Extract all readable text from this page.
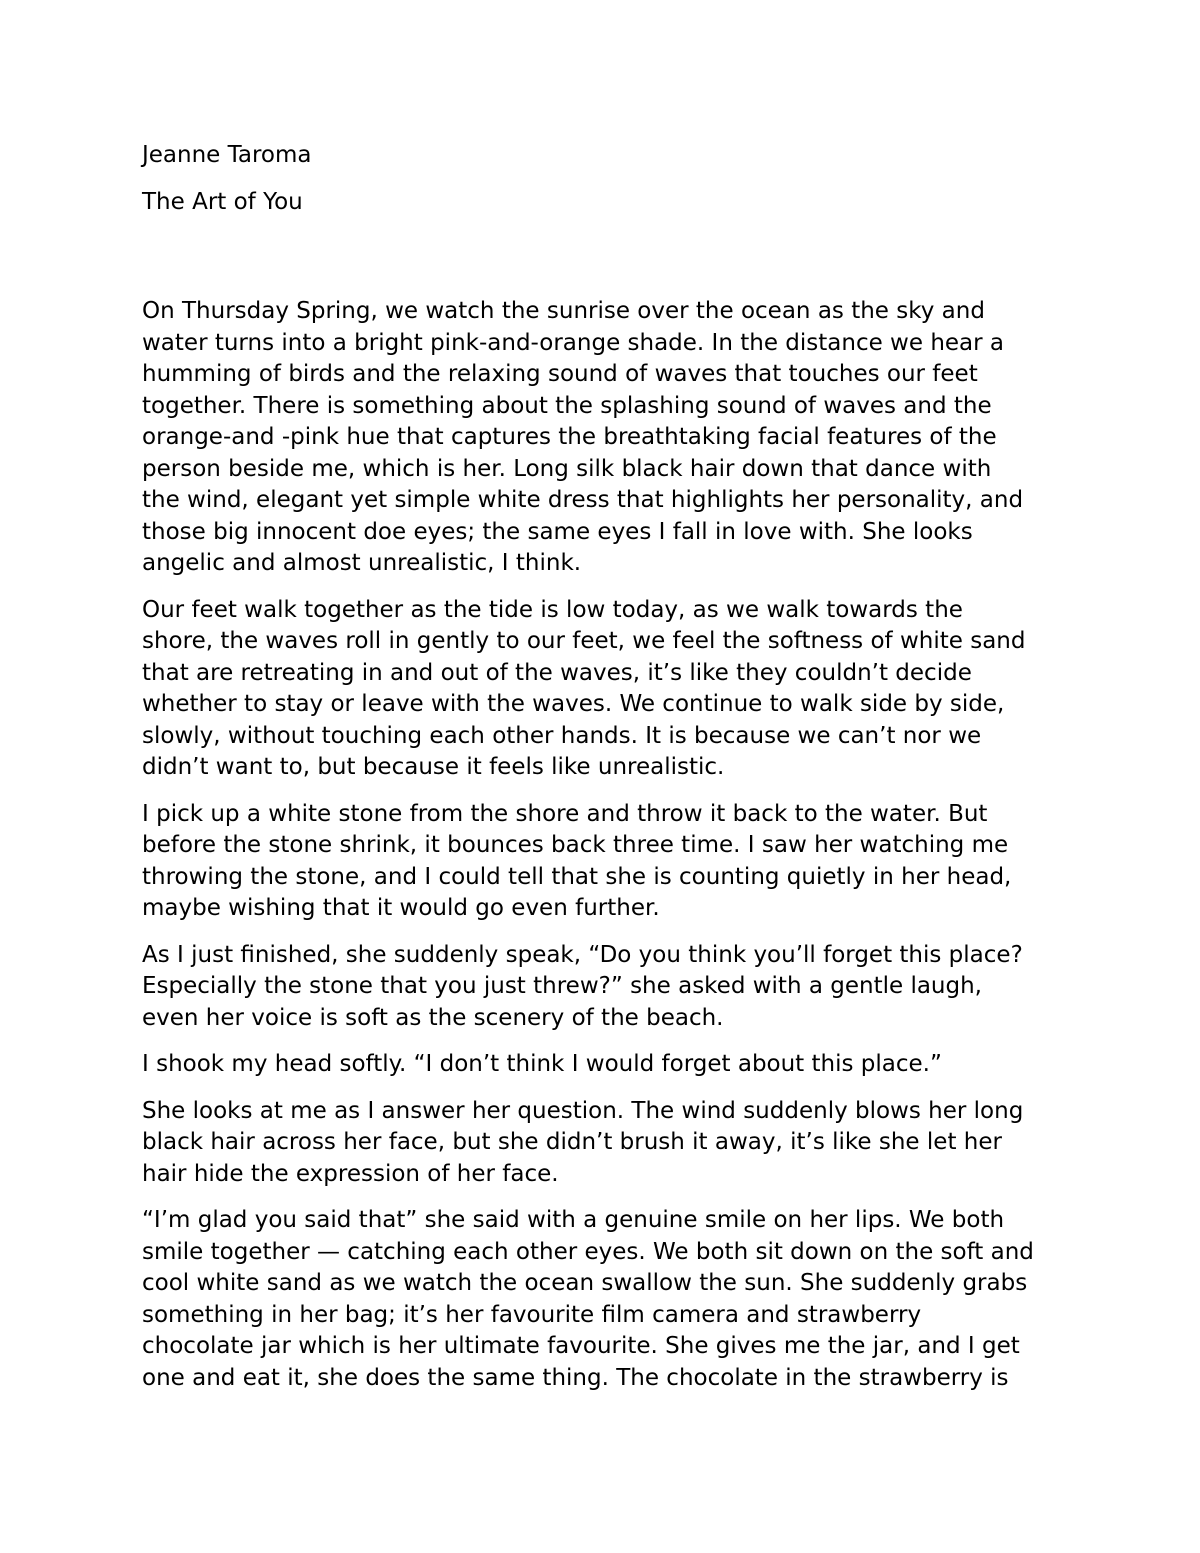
Jeanne Taroma

The Art of You

On Thursday Spring, we watch the sunrise over the ocean as the sky and

water turns into a bright pink-and-orange shade. In the distance we hear a

humming of birds and the relaxing sound of waves that touches our feet

together. There is something about the splashing sound of waves and the

orange-and -pink hue that captures the breathtaking facial features of the

person beside me, which is her. Long silk black hair down that dance with

the wind, elegant yet simple white dress that highlights her personality, and

those big innocent doe eyes; the same eyes I fall in love with. She looks

angelic and almost unrealistic, I think.

Our feet walk together as the tide is low today, as we walk towards the

shore, the waves roll in gently to our feet, we feel the softness of white sand

that are retreating in and out of the waves, it’s like they couldn’t decide

whether to stay or leave with the waves. We continue to walk side by side,

slowly, without touching each other hands. It is because we can’t nor we

didn’t want to, but because it feels like unrealistic.

I pick up a white stone from the shore and throw it back to the water. But

before the stone shrink, it bounces back three time. I saw her watching me

throwing the stone, and I could tell that she is counting quietly in her head,

maybe wishing that it would go even further.

As I just finished, she suddenly speak, “Do you think you’ll forget this place?

Especially the stone that you just threw?” she asked with a gentle laugh,

even her voice is soft as the scenery of the beach.

I shook my head softly. “I don’t think I would forget about this place.”

She looks at me as I answer her question. The wind suddenly blows her long

black hair across her face, but she didn’t brush it away, it’s like she let her

hair hide the expression of her face.

“I’m glad you said that” she said with a genuine smile on her lips. We both

smile together — catching each other eyes. We both sit down on the soft and

cool white sand as we watch the ocean swallow the sun. She suddenly grabs

something in her bag; it’s her favourite film camera and strawberry

chocolate jar which is her ultimate favourite. She gives me the jar, and I get

one and eat it, she does the same thing. The chocolate in the strawberry is
